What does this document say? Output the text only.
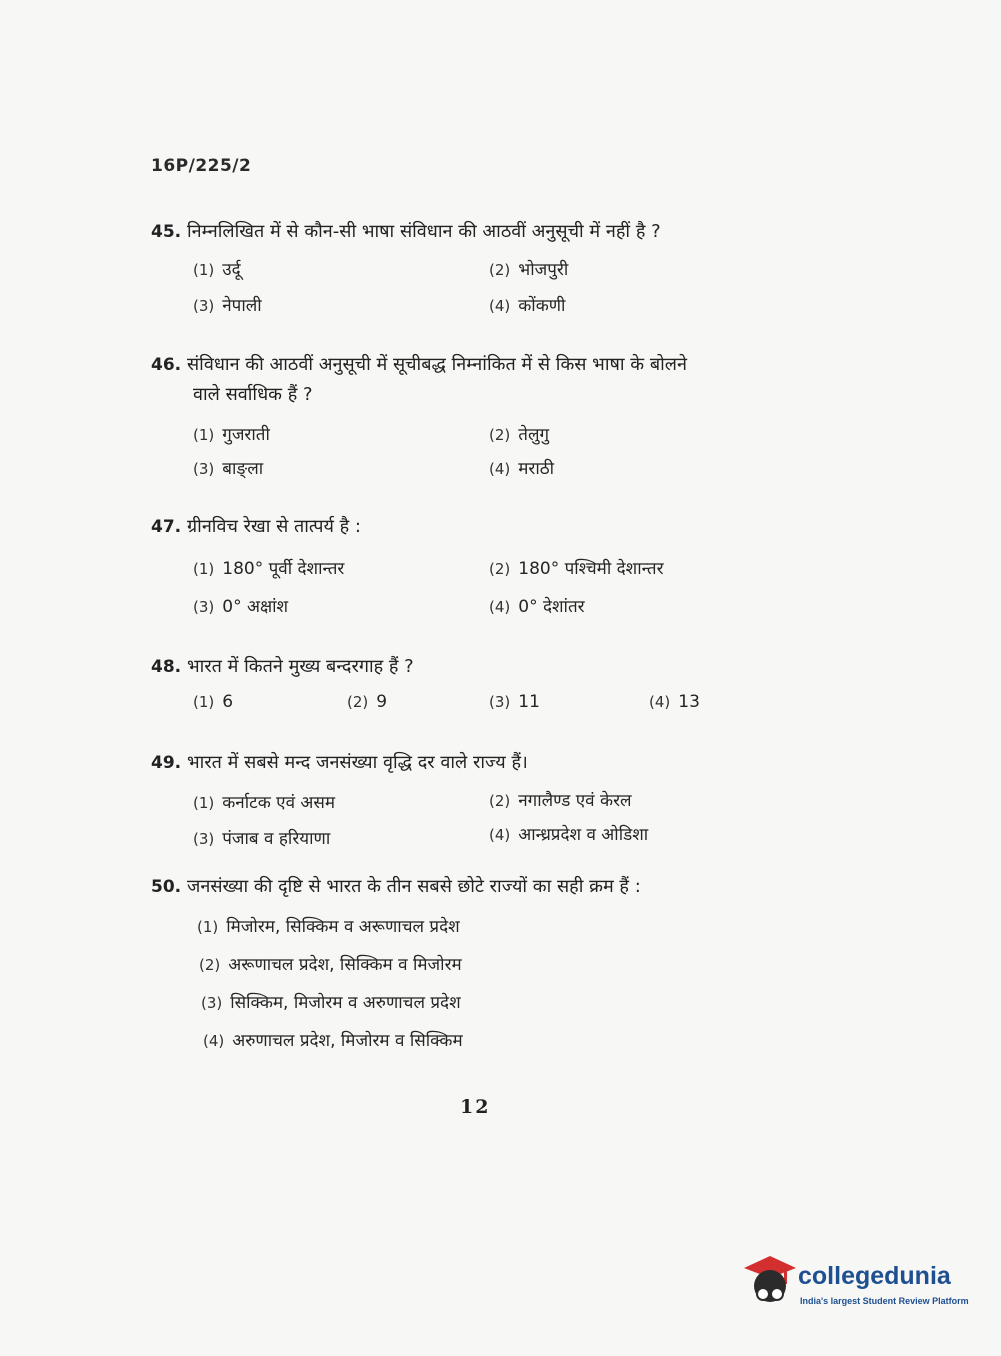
16P/225/2
45. निम्नलिखित में से कौन-सी भाषा संविधान की आठवीं अनुसूची में नहीं है ?
(1) उर्दू	(2) भोजपुरी
(3) नेपाली	(4) कोंकणी
46. संविधान की आठवीं अनुसूची में सूचीबद्ध निम्नांकित में से किस भाषा के बोलने
वाले सर्वाधिक हैं ?
(1) गुजराती	(2) तेलुगु
(3) बाङ्ला	(4) मराठी
47. ग्रीनविच रेखा से तात्पर्य है :
(1) 180° पूर्वी देशान्तर	(2) 180° पश्चिमी देशान्तर
(3) 0° अक्षांश	(4) 0° देशांतर
48. भारत में कितने मुख्य बन्दरगाह हैं ?
(1) 6	(2) 9	(3) 11	(4) 13
49. भारत में सबसे मन्द जनसंख्या वृद्धि दर वाले राज्य हैं।
(1) कर्नाटक एवं असम	(2) नगालैण्ड एवं केरल
(3) पंजाब व हरियाणा	(4) आन्ध्रप्रदेश व ओडिशा
50. जनसंख्या की दृष्टि से भारत के तीन सबसे छोटे राज्यों का सही क्रम हैं :
(1) मिजोरम, सिक्किम व अरूणाचल प्रदेश
(2) अरूणाचल प्रदेश, सिक्किम व मिजोरम
(3) सिक्किम, मिजोरम व अरुणाचल प्रदेश
(4) अरुणाचल प्रदेश, मिजोरम व सिक्किम
12
collegedunia
India's largest Student Review Platform
